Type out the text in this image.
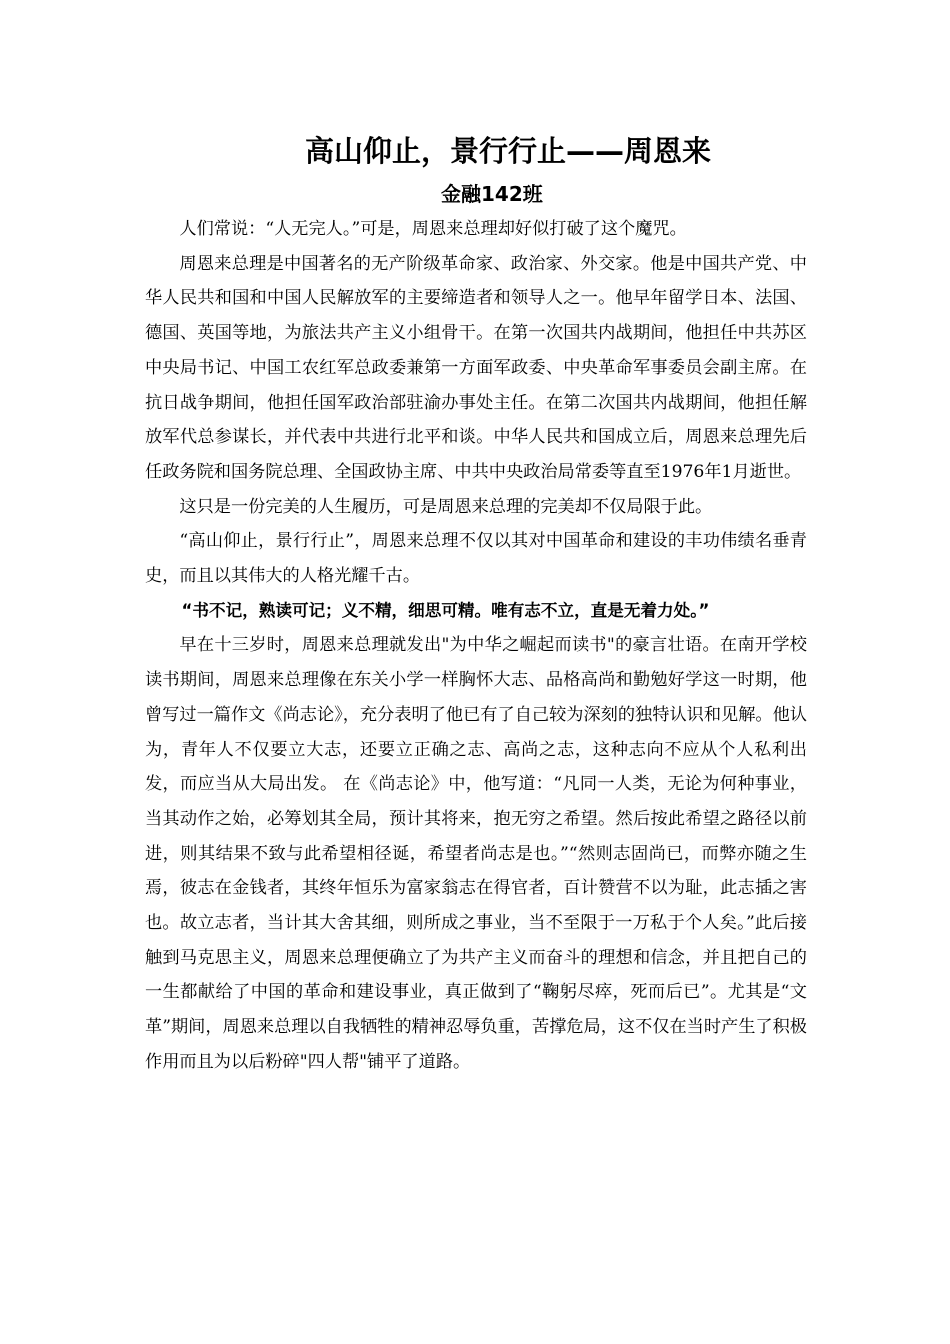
高山仰止，景行行止——周恩来
金融142班

人们常说：“人无完人。”可是，周恩来总理却好似打破了这个魔咒。

周恩来总理是中国著名的无产阶级革命家、政治家、外交家。他是中国共产党、中华人民共和国和中国人民解放军的主要缔造者和领导人之一。他早年留学日本、法国、德国、英国等地，为旅法共产主义小组骨干。在第一次国共内战期间，他担任中共苏区中央局书记、中国工农红军总政委兼第一方面军政委、中央革命军事委员会副主席。在抗日战争期间，他担任国军政治部驻渝办事处主任。在第二次国共内战期间，他担任解放军代总参谋长，并代表中共进行北平和谈。中华人民共和国成立后，周恩来总理先后任政务院和国务院总理、全国政协主席、中共中央政治局常委等直至1976年1月逝世。

这只是一份完美的人生履历，可是周恩来总理的完美却不仅局限于此。

“高山仰止，景行行止”，周恩来总理不仅以其对中国革命和建设的丰功伟绩名垂青史，而且以其伟大的人格光耀千古。

“书不记，熟读可记；义不精，细思可精。唯有志不立，直是无着力处。”

早在十三岁时，周恩来总理就发出"为中华之崛起而读书"的豪言壮语。在南开学校读书期间，周恩来总理像在东关小学一样胸怀大志、品格高尚和勤勉好学这一时期，他曾写过一篇作文《尚志论》，充分表明了他已有了自己较为深刻的独特认识和见解。他认为，青年人不仅要立大志，还要立正确之志、高尚之志，这种志向不应从个人私利出发，而应当从大局出发。 在《尚志论》中，他写道：“凡同一人类，无论为何种事业，当其动作之始，必筹划其全局，预计其将来，抱无穷之希望。然后按此希望之路径以前进，则其结果不致与此希望相径诞，希望者尚志是也。”“然则志固尚已，而弊亦随之生焉，彼志在金钱者，其终年恒乐为富家翁志在得官者，百计赞营不以为耻，此志插之害也。故立志者，当计其大舍其细，则所成之事业，当不至限于一万私于个人矣。”此后接触到马克思主义，周恩来总理便确立了为共产主义而奋斗的理想和信念，并且把自己的一生都献给了中国的革命和建设事业，真正做到了“鞠躬尽瘁，死而后已”。尤其是“文革”期间，周恩来总理以自我牺牲的精神忍辱负重，苦撑危局，这不仅在当时产生了积极作用而且为以后粉碎"四人帮"铺平了道路。
